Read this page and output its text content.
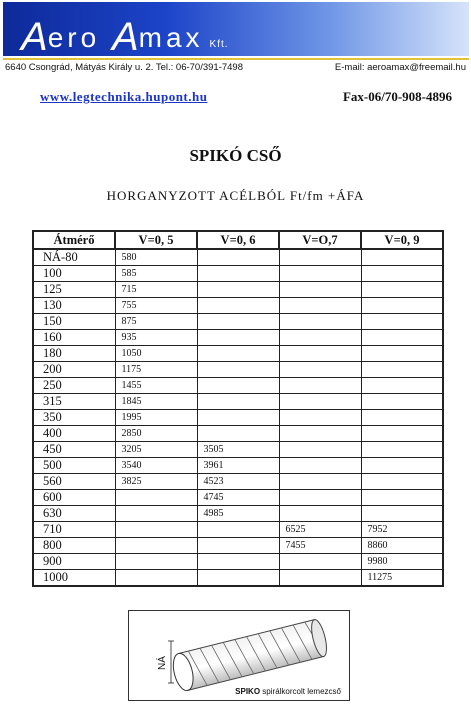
Aero Amax Kft.
6640 Csongrád, Mátyás Király u. 2. Tel.: 06-70/391-7498	E-mail: aeroamax@freemail.hu
www.legtechnika.hupont.hu	Fax-06/70-908-4896
SPIKÓ CSŐ
HORGANYZOTT ACÉLBÓL Ft/fm +ÁFA
Átmérő	V=0, 5	V=0, 6	V=O,7	V=0, 9
NÁ-80	580			
100	585			
125	715			
130	755			
150	875			
160	935			
180	1050			
200	1175			
250	1455			
315	1845			
350	1995			
400	2850			
450	3205	3505		
500	3540	3961		
560	3825	4523		
600		4745		
630		4985		
710			6525	7952
800			7455	8860
900				9980
1000				11275
NÁ
SPIKO spirálkorcolt lemezcső
